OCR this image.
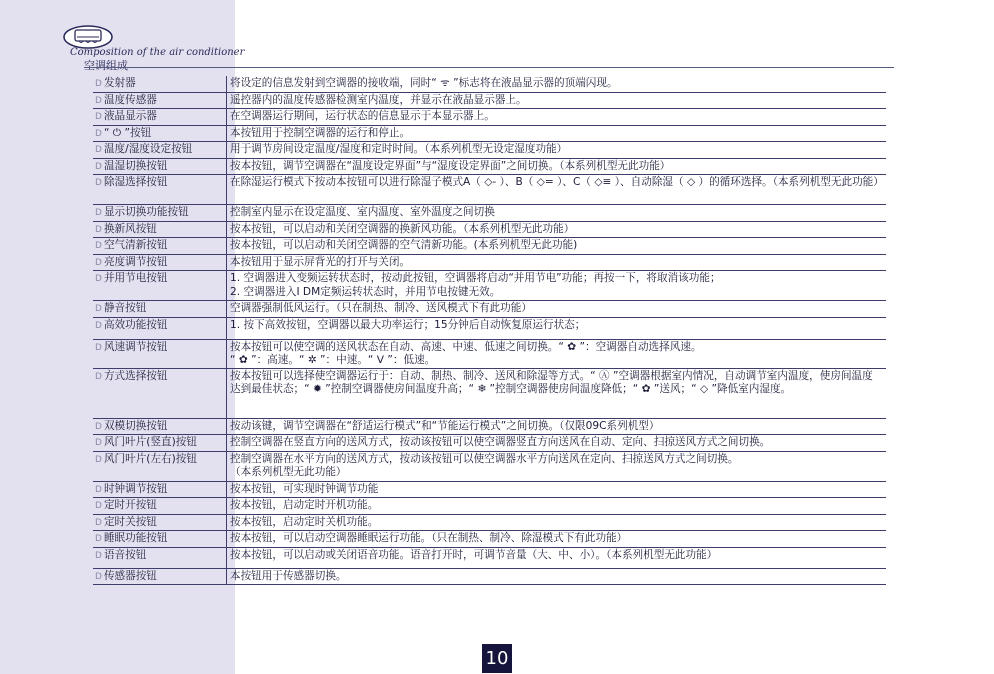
Composition of the air conditioner
空调组成
D 发射器	将设定的信息发射到空调器的接收端，同时“ ᯤ ”标志将在液晶显示器的顶端闪现。
D 温度传感器	遥控器内的温度传感器检测室内温度，并显示在液晶显示器上。
D 液晶显示器	在空调器运行期间，运行状态的信息显示于本显示器上。
D “ ⏻ ”按钮	本按钮用于控制空调器的运行和停止。
D 温度/湿度设定按钮	用于调节房间设定温度/湿度和定时时间。（本系列机型无设定湿度功能）
D 温湿切换按钮	按本按钮，调节空调器在“温度设定界面”与“湿度设定界面”之间切换。（本系列机型无此功能）
D 除湿选择按钮	在除湿运行模式下按动本按钮可以进行除湿子模式A（ ◇- ）、B（ ◇= ）、C（ ◇≡ ）、自动除湿（ ◇ ）的循环选择。（本系列机型无此功能）
D 显示切换功能按钮	控制室内显示在设定温度、室内温度、室外温度之间切换
D 换新风按钮	按本按钮，可以启动和关闭空调器的换新风功能。（本系列机型无此功能）
D 空气清新按钮	按本按钮，可以启动和关闭空调器的空气清新功能。(本系列机型无此功能)
D 亮度调节按钮	本按钮用于显示屏背光的打开与关闭。
D 并用节电按钮	1. 空调器进入变频运转状态时，按动此按钮，空调器将启动“并用节电”功能；再按一下，将取消该功能；
2. 空调器进入I DM定频运转状态时，并用节电按键无效。
D 静音按钮	空调器强制低风运行。（只在制热、制冷、送风模式下有此功能）
D 高效功能按钮	1. 按下高效按钮，空调器以最大功率运行；15分钟后自动恢复原运行状态；
D 风速调节按钮	按本按钮可以使空调的送风状态在自动、高速、中速、低速之间切换。“ ✿ ”：空调器自动选择风速。
“ ✿ ”：高速。“ ✲ ”：中速。“ ⴸ ”：低速。
D 方式选择按钮	按本按钮可以选择使空调器运行于：自动、制热、制冷、送风和除湿等方式。“ Ⓐ ”空调器根据室内情况，自动调节室内温度，使房间温度达到最佳状态；“ ✹ ”控制空调器使房间温度升高；“ ❄ ”控制空调器使房间温度降低；“ ✿ ”送风；“ ◇ ”降低室内湿度。
D 双模切换按钮	按动该键，调节空调器在“舒适运行模式”和“节能运行模式”之间切换。（仅限09C系列机型）
D 风门叶片(竖直)按钮	控制空调器在竖直方向的送风方式，按动该按钮可以使空调器竖直方向送风在自动、定向、扫掠送风方式之间切换。
D 风门叶片(左右)按钮	控制空调器在水平方向的送风方式，按动该按钮可以使空调器水平方向送风在定向、扫掠送风方式之间切换。
（本系列机型无此功能）
D 时钟调节按钮	按本按钮，可实现时钟调节功能
D 定时开按钮	按本按钮，启动定时开机功能。
D 定时关按钮	按本按钮，启动定时关机功能。
D 睡眠功能按钮	按本按钮，可以启动空调器睡眠运行功能。（只在制热、制冷、除湿模式下有此功能）
D 语音按钮	按本按钮，可以启动或关闭语音功能。语音打开时，可调节音量（大、中、小）。（本系列机型无此功能）
D 传感器按钮	本按钮用于传感器切换。
10
